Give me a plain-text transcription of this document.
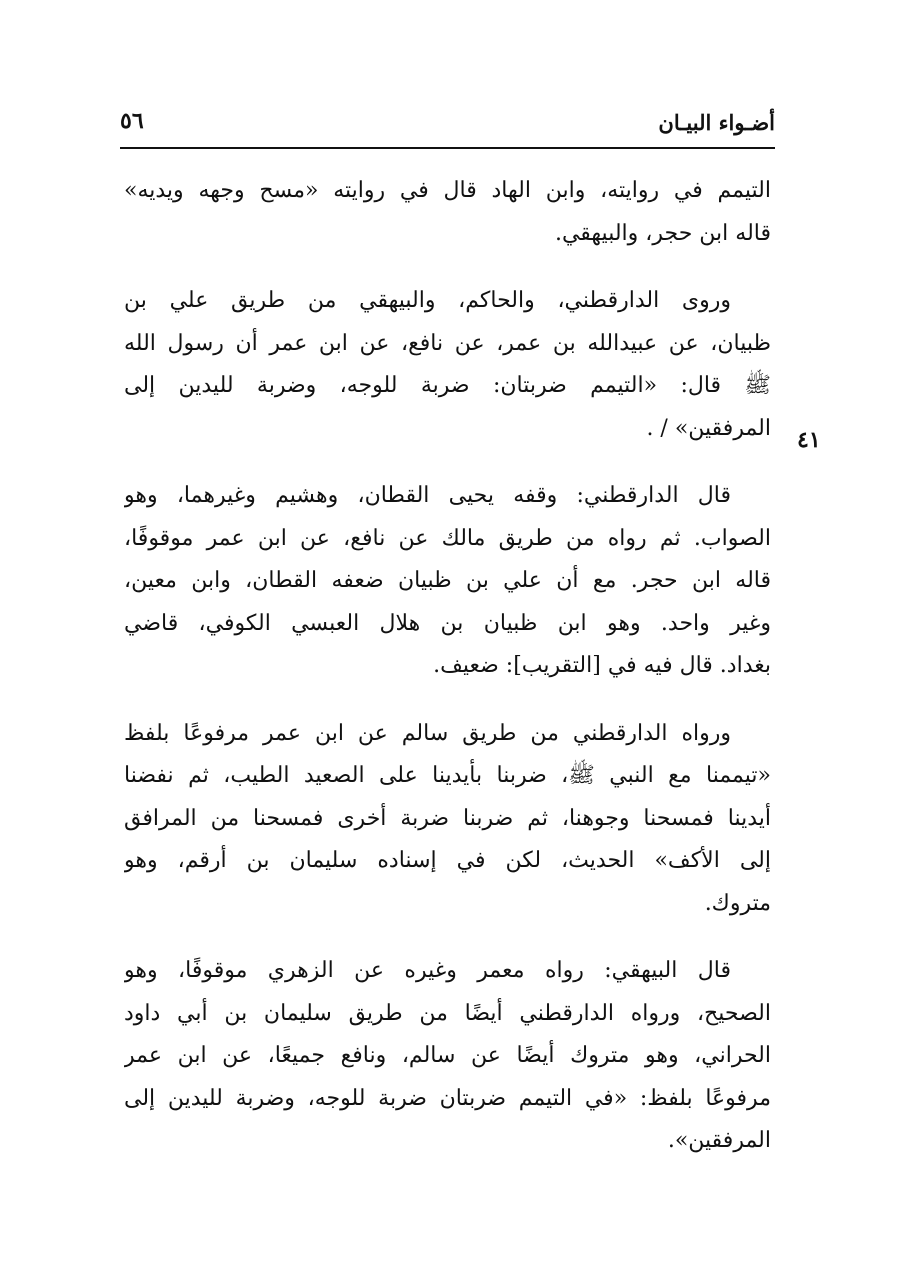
أضـواء البيـان
٥٦
٤١
التيمم في روايته، وابن الهاد قال في روايته «مسح وجهه ويديه»
قاله ابن حجر، والبيهقي.
وروى الدارقطني، والحاكم، والبيهقي من طريق علي بن
ظبيان، عن عبيدالله بن عمر، عن نافع، عن ابن عمر أن رسول الله
ﷺ قال: «التيمم ضربتان: ضربة للوجه، وضربة لليدين إلى
المرفقين» / .
قال الدارقطني: وقفه يحيى القطان، وهشيم وغيرهما، وهو
الصواب. ثم رواه من طريق مالك عن نافع، عن ابن عمر موقوفًا،
قاله ابن حجر. مع أن علي بن ظبيان ضعفه القطان، وابن معين،
وغير واحد. وهو ابن ظبيان بن هلال العبسي الكوفي، قاضي
بغداد. قال فيه في [التقريب]: ضعيف.
ورواه الدارقطني من طريق سالم عن ابن عمر مرفوعًا بلفظ
«تيممنا مع النبي ﷺ، ضربنا بأيدينا على الصعيد الطيب، ثم نفضنا
أيدينا فمسحنا وجوهنا، ثم ضربنا ضربة أخرى فمسحنا من المرافق
إلى الأكف» الحديث، لكن في إسناده سليمان بن أرقم، وهو
متروك.
قال البيهقي: رواه معمر وغيره عن الزهري موقوفًا، وهو
الصحيح، ورواه الدارقطني أيضًا من طريق سليمان بن أبي داود
الحراني، وهو متروك أيضًا عن سالم، ونافع جميعًا، عن ابن عمر
مرفوعًا بلفظ: «في التيمم ضربتان ضربة للوجه، وضربة لليدين إلى
المرفقين».
